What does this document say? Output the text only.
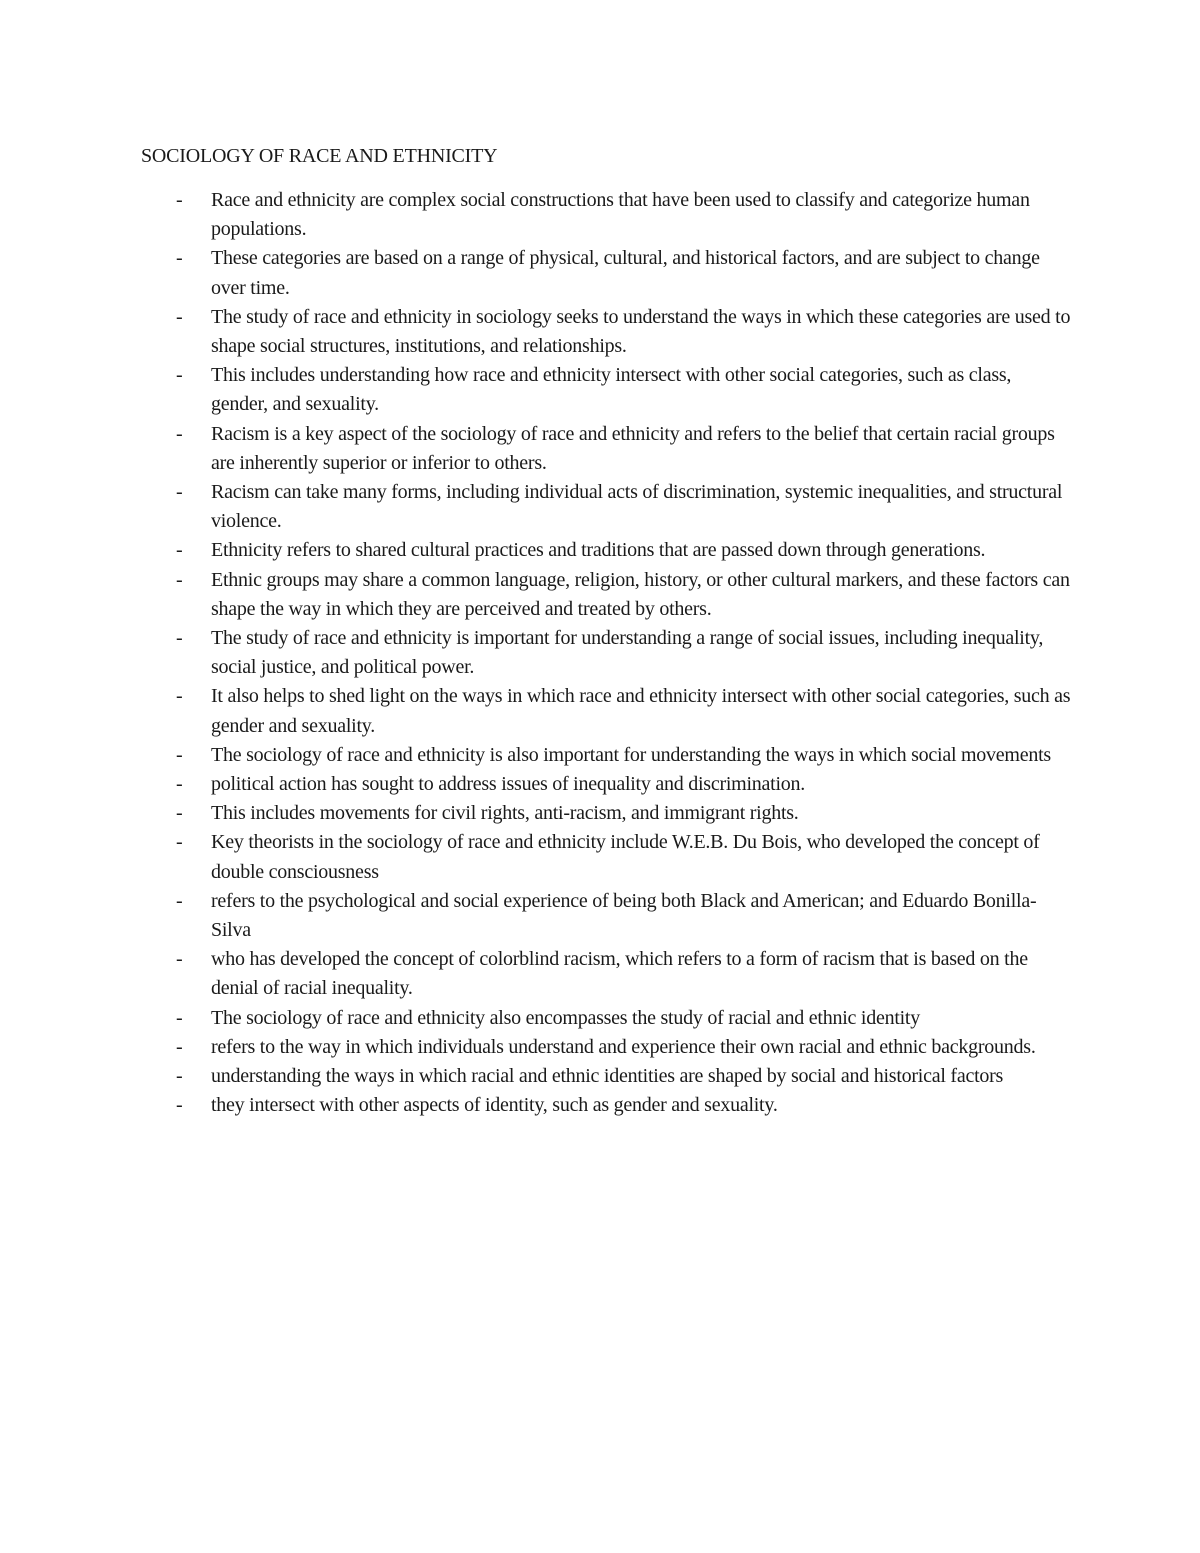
SOCIOLOGY OF RACE AND ETHNICITY
- Race and ethnicity are complex social constructions that have been used to classify and categorize human populations.
- These categories are based on a range of physical, cultural, and historical factors, and are subject to change over time.
- The study of race and ethnicity in sociology seeks to understand the ways in which these categories are used to shape social structures, institutions, and relationships.
- This includes understanding how race and ethnicity intersect with other social categories, such as class, gender, and sexuality.
- Racism is a key aspect of the sociology of race and ethnicity and refers to the belief that certain racial groups are inherently superior or inferior to others.
- Racism can take many forms, including individual acts of discrimination, systemic inequalities, and structural violence.
- Ethnicity refers to shared cultural practices and traditions that are passed down through generations.
- Ethnic groups may share a common language, religion, history, or other cultural markers, and these factors can shape the way in which they are perceived and treated by others.
- The study of race and ethnicity is important for understanding a range of social issues, including inequality, social justice, and political power.
- It also helps to shed light on the ways in which race and ethnicity intersect with other social categories, such as gender and sexuality.
- The sociology of race and ethnicity is also important for understanding the ways in which social movements
- political action has sought to address issues of inequality and discrimination.
- This includes movements for civil rights, anti-racism, and immigrant rights.
- Key theorists in the sociology of race and ethnicity include W.E.B. Du Bois, who developed the concept of double consciousness
- refers to the psychological and social experience of being both Black and American; and Eduardo Bonilla-Silva
- who has developed the concept of colorblind racism, which refers to a form of racism that is based on the denial of racial inequality.
- The sociology of race and ethnicity also encompasses the study of racial and ethnic identity
- refers to the way in which individuals understand and experience their own racial and ethnic backgrounds.
- understanding the ways in which racial and ethnic identities are shaped by social and historical factors
- they intersect with other aspects of identity, such as gender and sexuality.
